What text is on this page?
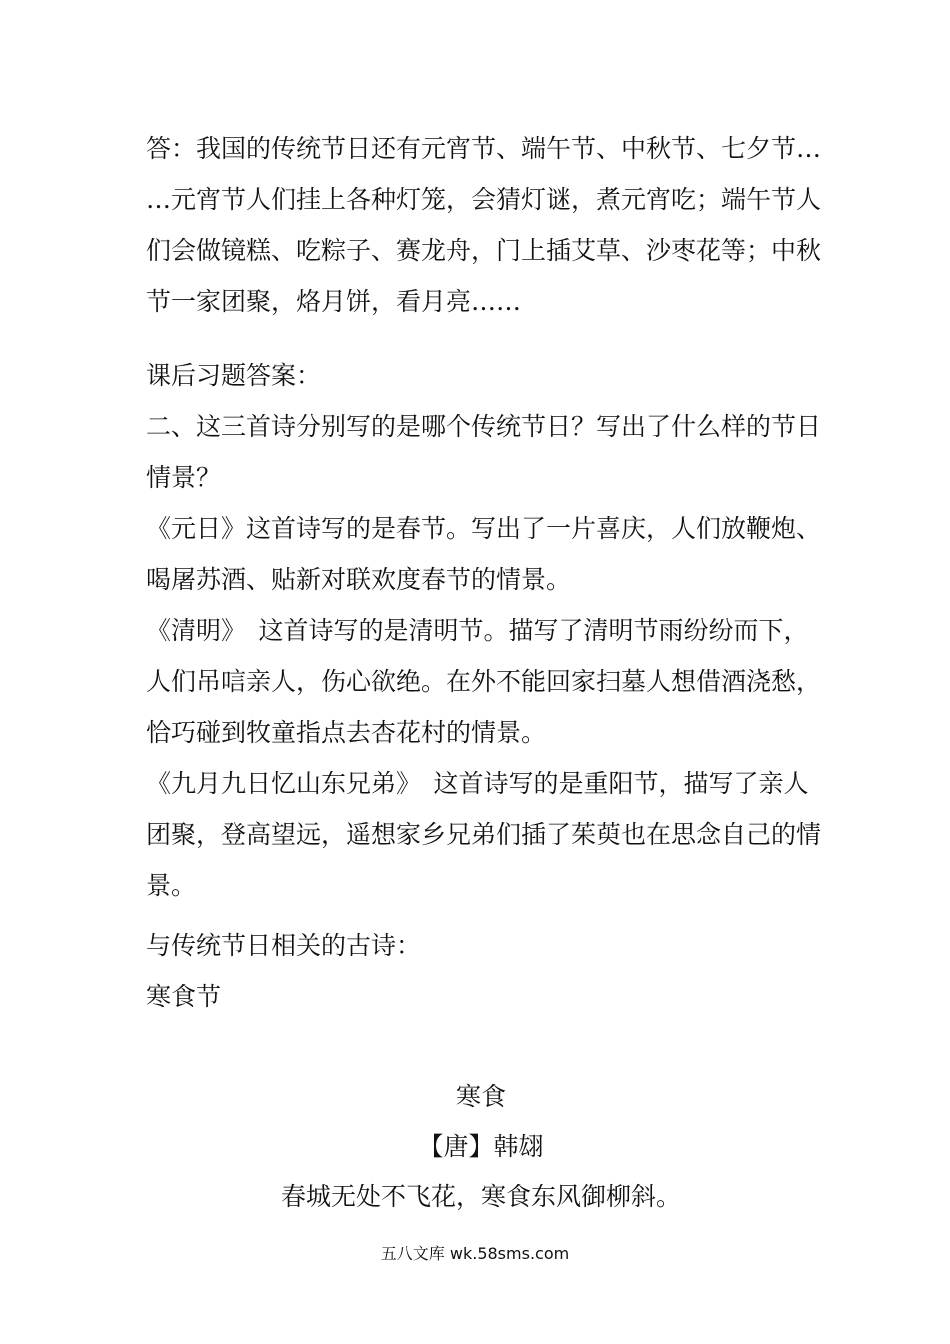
答：我国的传统节日还有元宵节、端午节、中秋节、七夕节…
…元宵节人们挂上各种灯笼，会猜灯谜，煮元宵吃；端午节人
们会做镜糕、吃粽子、赛龙舟，门上插艾草、沙枣花等；中秋
节一家团聚，烙月饼，看月亮……

课后习题答案：
二、这三首诗分别写的是哪个传统节日？写出了什么样的节日
情景？
《元日》这首诗写的是春节。写出了一片喜庆，人们放鞭炮、
喝屠苏酒、贴新对联欢度春节的情景。
《清明》　这首诗写的是清明节。描写了清明节雨纷纷而下，
人们吊唁亲人，伤心欲绝。在外不能回家扫墓人想借酒浇愁，
恰巧碰到牧童指点去杏花村的情景。
《九月九日忆山东兄弟》　这首诗写的是重阳节，描写了亲人
团聚，登高望远，遥想家乡兄弟们插了茱萸也在思念自己的情
景。

与传统节日相关的古诗：
寒食节

寒食
【唐】韩翃
春城无处不飞花，寒食东风御柳斜。
五八文库 wk.58sms.com
